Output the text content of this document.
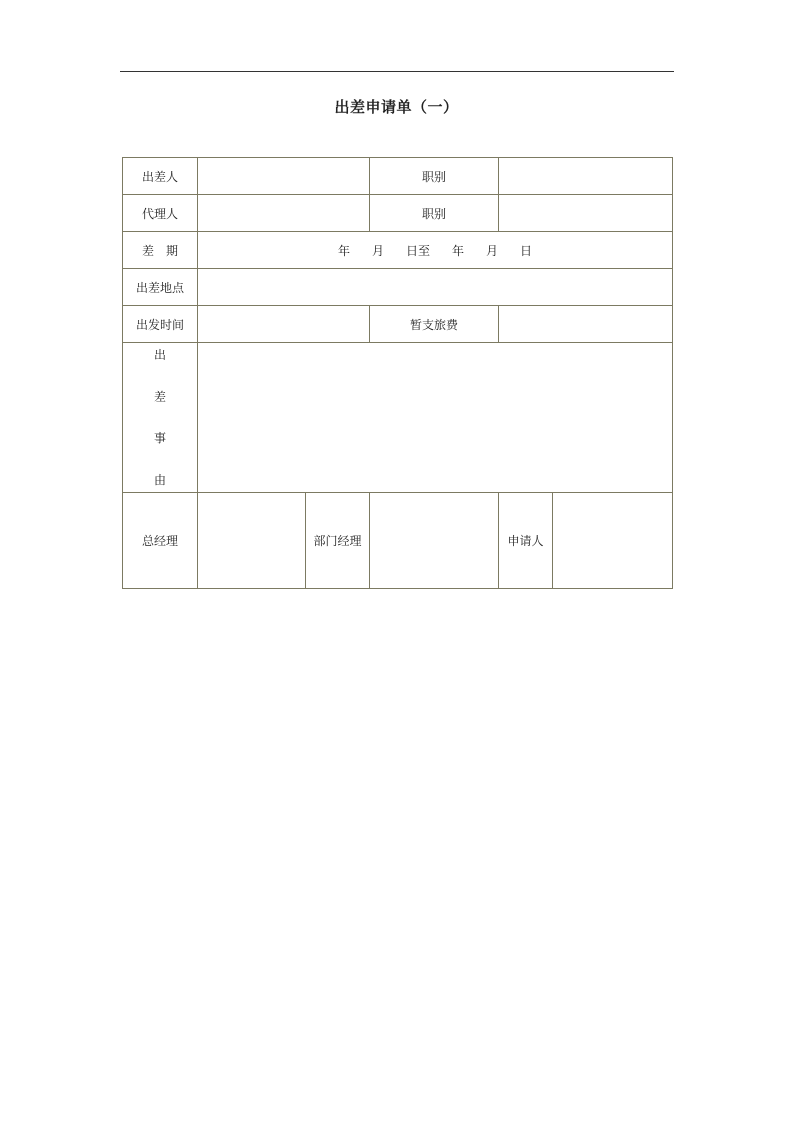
出差申请单（一）
出差人			职别		
代理人			职别		
差　期	年 月 日至 年 月 日				
出差地点					
出发时间			暂支旅费		

出
差
事
由					

总经理		部门经理		申请人	
